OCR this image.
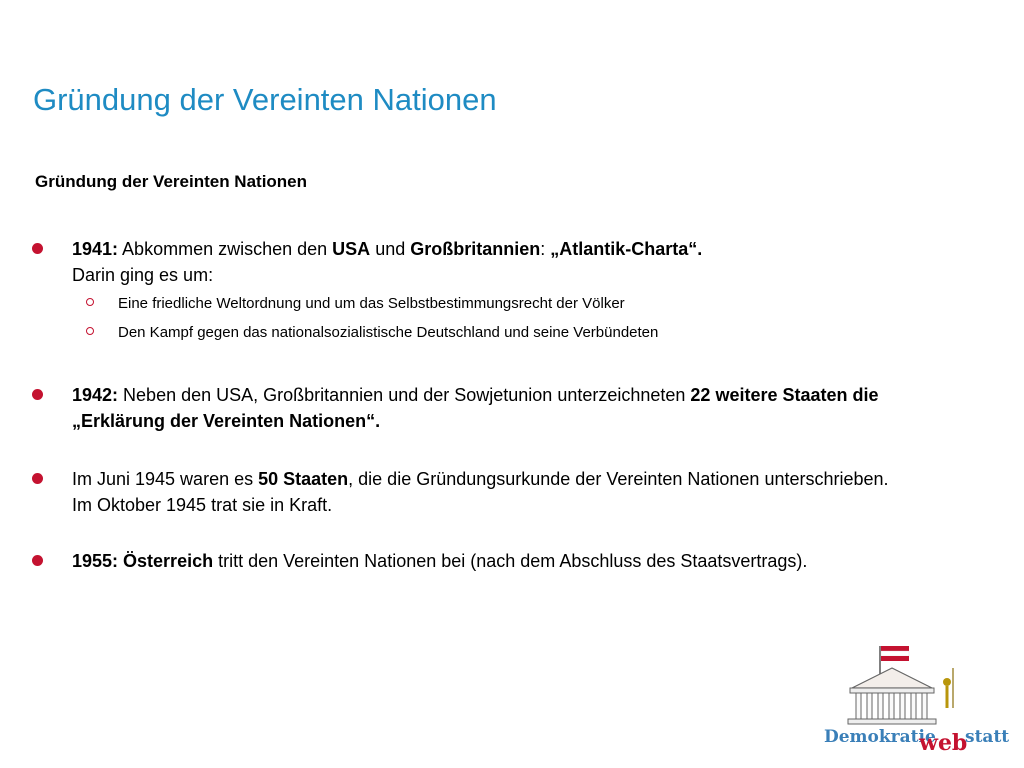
Gründung der Vereinten Nationen
Gründung der Vereinten Nationen
1941: Abkommen zwischen den USA und Großbritannien: „Atlantik-Charta“.
Darin ging es um:
Eine friedliche Weltordnung und um das Selbstbestimmungsrecht der Völker
Den Kampf gegen das nationalsozialistische Deutschland und seine Verbündeten
1942: Neben den USA, Großbritannien und der Sowjetunion unterzeichneten 22 weitere Staaten die „Erklärung der Vereinten Nationen“.
Im Juni 1945 waren es 50 Staaten, die die Gründungsurkunde der Vereinten Nationen unterschrieben. Im Oktober 1945 trat sie in Kraft.
1955: Österreich tritt den Vereinten Nationen bei (nach dem Abschluss des Staatsvertrags).
Demokratie
web
statt
